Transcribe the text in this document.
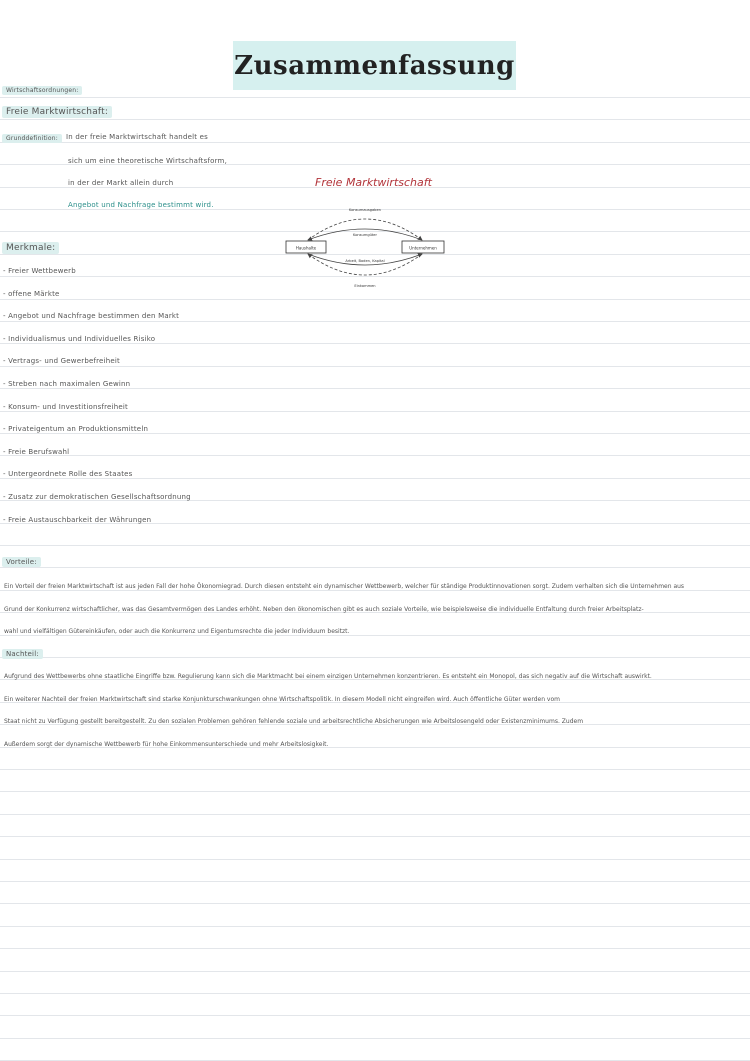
Zusammenfassung
Wirtschaftsordnungen:
Freie Marktwirtschaft:
Grunddefinition:	In der freie Marktwirtschaft handelt es
sich um eine theoretische Wirtschaftsform,
in der der Markt allein durch
Angebot und Nachfrage bestimmt wird.
Freie Marktwirtschaft
Haushalte	Unternehmen
Konsumausgaben
Konsumgüter
Arbeit, Boden, Kapital
Einkommen
Merkmale:
- Freier Wettbewerb
- offene Märkte
- Angebot und Nachfrage bestimmen den Markt
- Individualismus und Individuelles Risiko
- Vertrags- und Gewerbefreiheit
- Streben nach maximalen Gewinn
- Konsum- und Investitionsfreiheit
- Privateigentum an Produktionsmitteln
- Freie Berufswahl
- Untergeordnete Rolle des Staates
- Zusatz zur demokratischen Gesellschaftsordnung
- Freie Austauschbarkeit der Währungen
Vorteile:
Ein Vorteil der freien Marktwirtschaft ist aus jeden Fall der hohe Ökonomiegrad. Durch diesen entsteht ein dynamischer Wettbewerb, welcher für ständige Produktinnovationen sorgt. Zudem verhalten sich die Unternehmen aus
Grund der Konkurrenz wirtschaftlicher, was das Gesamtvermögen des Landes erhöht. Neben den ökonomischen gibt es auch soziale Vorteile, wie beispielsweise die individuelle Entfaltung durch freier Arbeitsplatz-
wahl und vielfältigen Gütereinkäufen, oder auch die Konkurrenz und Eigentumsrechte die jeder Individuum besitzt.
Nachteil:
Aufgrund des Wettbewerbs ohne staatliche Eingriffe bzw. Regulierung kann sich die Marktmacht bei einem einzigen Unternehmen konzentrieren. Es entsteht ein Monopol, das sich negativ auf die Wirtschaft auswirkt.
Ein weiterer Nachteil der freien Marktwirtschaft sind starke Konjunkturschwankungen ohne Wirtschaftspolitik. In diesem Modell nicht eingreifen wird. Auch öffentliche Güter werden vom
Staat nicht zu Verfügung gestellt bereitgestellt. Zu den sozialen Problemen gehören fehlende soziale und arbeitsrechtliche Absicherungen wie Arbeitslosengeld oder Existenzminimums. Zudem
Außerdem sorgt der dynamische Wettbewerb für hohe Einkommensunterschiede und mehr Arbeitslosigkeit.
